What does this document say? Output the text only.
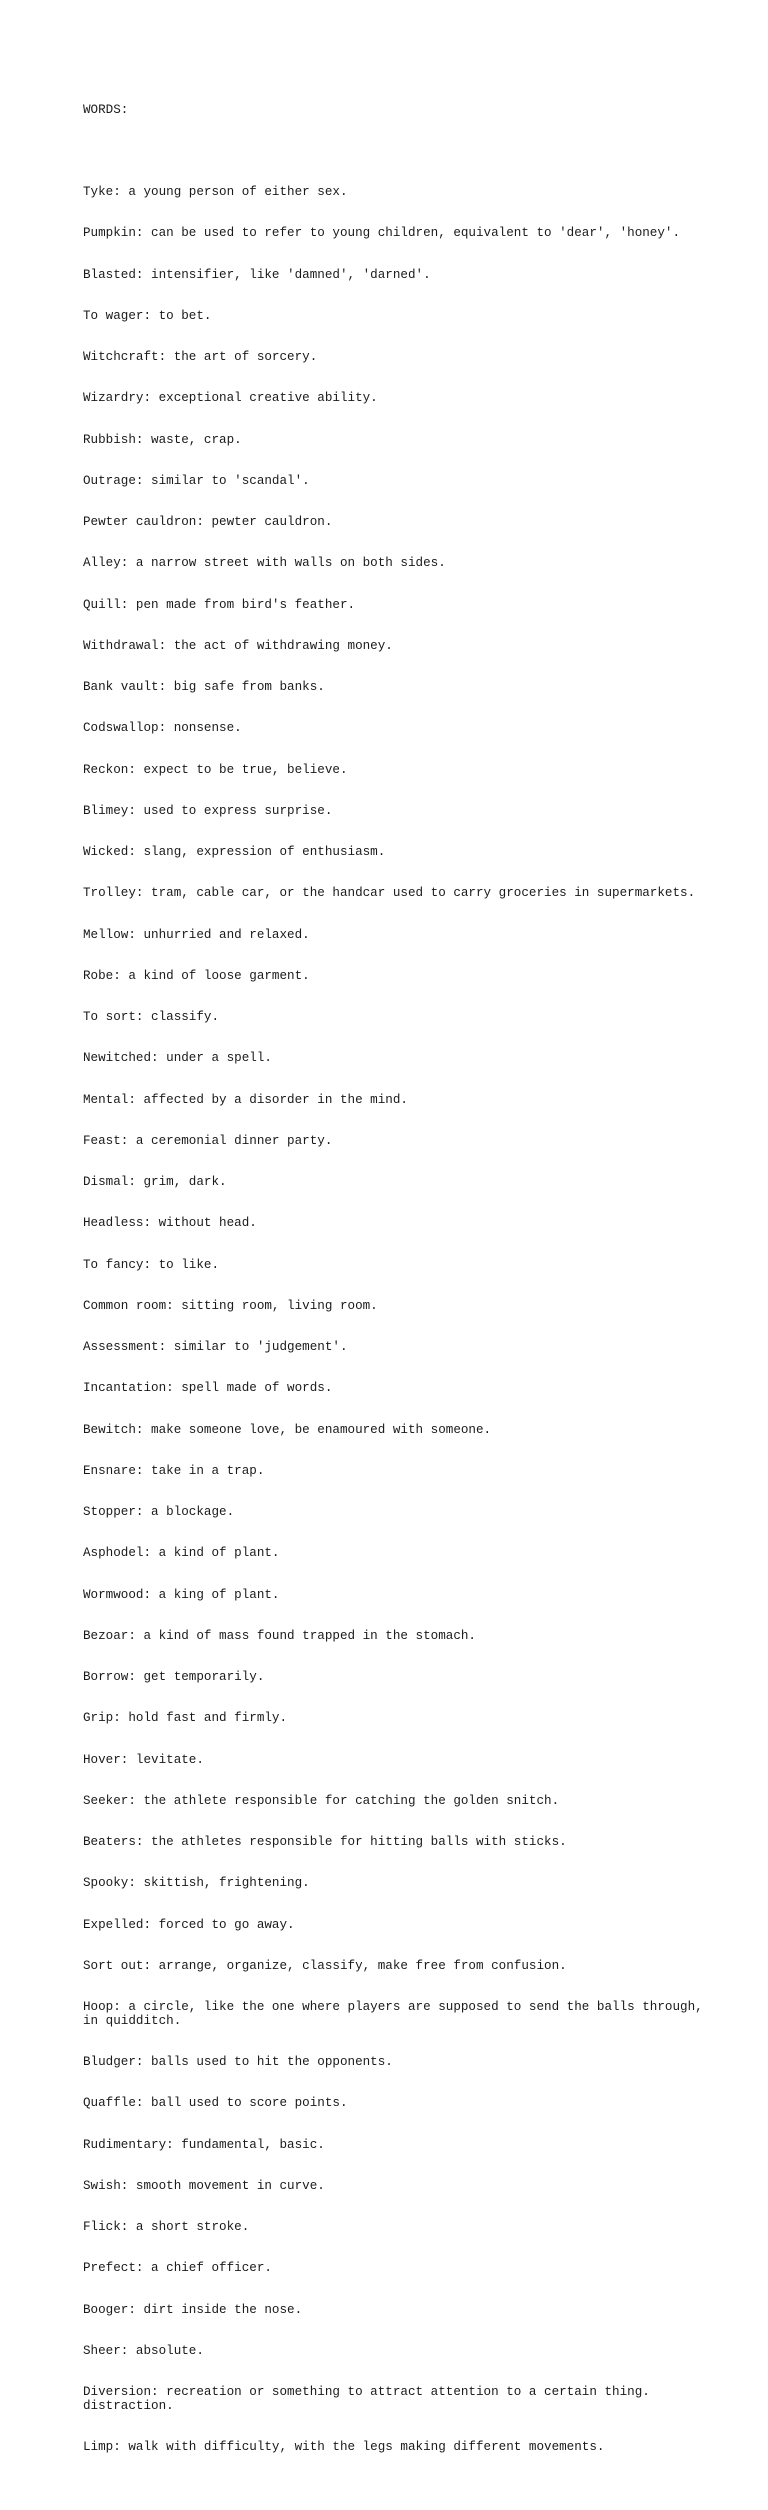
WORDS:

Tyke: a young person of either sex.

Pumpkin: can be used to refer to young children, equivalent to 'dear', 'honey'.

Blasted: intensifier, like 'damned', 'darned'.

To wager: to bet.

Witchcraft: the art of sorcery.

Wizardry: exceptional creative ability.

Rubbish: waste, crap.

Outrage: similar to 'scandal'.

Pewter cauldron: pewter cauldron.

Alley: a narrow street with walls on both sides.

Quill: pen made from bird's feather.

Withdrawal: the act of withdrawing money.

Bank vault: big safe from banks.

Codswallop: nonsense.

Reckon: expect to be true, believe.

Blimey: used to express surprise.

Wicked: slang, expression of enthusiasm.

Trolley: tram, cable car, or the handcar used to carry groceries in supermarkets.

Mellow: unhurried and relaxed.

Robe: a kind of loose garment.

To sort: classify.

Newitched: under a spell.

Mental: affected by a disorder in the mind.

Feast: a ceremonial dinner party.

Dismal: grim, dark.

Headless: without head.

To fancy: to like.

Common room: sitting room, living room.

Assessment: similar to 'judgement'.

Incantation: spell made of words.

Bewitch: make someone love, be enamoured with someone.

Ensnare: take in a trap.

Stopper: a blockage.

Asphodel: a kind of plant.

Wormwood: a king of plant.

Bezoar: a kind of mass found trapped in the stomach.

Borrow: get temporarily.

Grip: hold fast and firmly.

Hover: levitate.

Seeker: the athlete responsible for catching the golden snitch.

Beaters: the athletes responsible for hitting balls with sticks.

Spooky: skittish, frightening.

Expelled: forced to go away.

Sort out: arrange, organize, classify, make free from confusion.

Hoop: a circle, like the one where players are supposed to send the balls through,
in quidditch.

Bludger: balls used to hit the opponents.

Quaffle: ball used to score points.

Rudimentary: fundamental, basic.

Swish: smooth movement in curve.

Flick: a short stroke.

Prefect: a chief officer.

Booger: dirt inside the nose.

Sheer: absolute.

Diversion: recreation or something to attract attention to a certain thing.
distraction.

Limp: walk with difficulty, with the legs making different movements.
